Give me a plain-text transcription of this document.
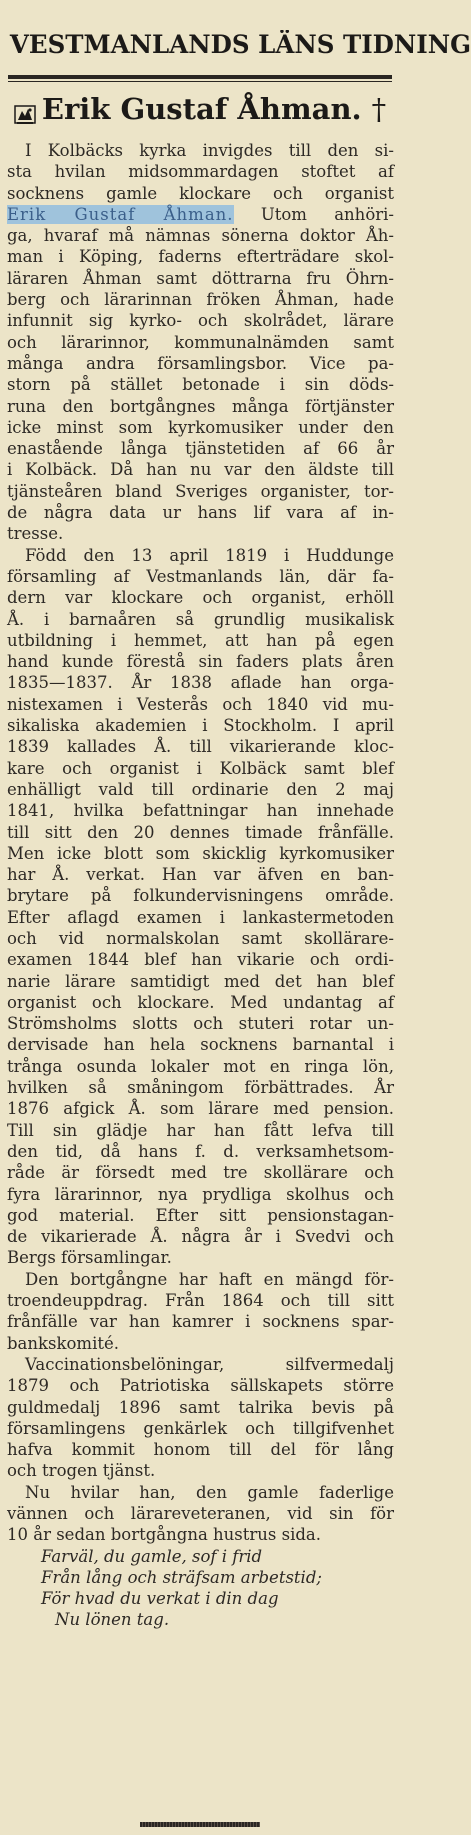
VESTMANLANDS LÄNS TIDNING
Erik Gustaf Åhman. †
I Kolbäcks kyrka invigdes till den si-
sta hvilan midsommardagen stoftet af
socknens gamle klockare och organist
Erik Gustaf Åhman. Utom anhöri-
ga, hvaraf må nämnas sönerna doktor Åh-
man i Köping, faderns efterträdare skol-
läraren Åhman samt döttrarna fru Öhrn-
berg och lärarinnan fröken Åhman, hade
infunnit sig kyrko- och skolrådet, lärare
och lärarinnor, kommunalnämden samt
många andra församlingsbor. Vice pa-
storn på stället betonade i sin döds-
runa den bortgångnes många förtjänster
icke minst som kyrkomusiker under den
enastående långa tjänstetiden af 66 år
i Kolbäck. Då han nu var den äldste till
tjänsteåren bland Sveriges organister, tor-
de några data ur hans lif vara af in-
tresse.
Född den 13 april 1819 i Huddunge
församling af Vestmanlands län, där fa-
dern var klockare och organist, erhöll
Å. i barnaåren så grundlig musikalisk
utbildning i hemmet, att han på egen
hand kunde förestå sin faders plats åren
1835—1837. År 1838 aflade han orga-
nistexamen i Vesterås och 1840 vid mu-
sikaliska akademien i Stockholm. I april
1839 kallades Å. till vikarierande kloc-
kare och organist i Kolbäck samt blef
enhälligt vald till ordinarie den 2 maj
1841, hvilka befattningar han innehade
till sitt den 20 dennes timade frånfälle.
Men icke blott som skicklig kyrkomusiker
har Å. verkat. Han var äfven en ban-
brytare på folkundervisningens område.
Efter aflagd examen i lankastermetoden
och vid normalskolan samt skollärare-
examen 1844 blef han vikarie och ordi-
narie lärare samtidigt med det han blef
organist och klockare. Med undantag af
Strömsholms slotts och stuteri rotar un-
dervisade han hela socknens barnantal i
trånga osunda lokaler mot en ringa lön,
hvilken så småningom förbättrades. År
1876 afgick Å. som lärare med pension.
Till sin glädje har han fått lefva till
den tid, då hans f. d. verksamhetsom-
råde är försedt med tre skollärare och
fyra lärarinnor, nya prydliga skolhus och
god material. Efter sitt pensionstagan-
de vikarierade Å. några år i Svedvi och
Bergs församlingar.
Den bortgångne har haft en mängd för-
troendeuppdrag. Från 1864 och till sitt
frånfälle var han kamrer i socknens spar-
bankskomité.
Vaccinationsbelöningar, silfvermedalj
1879 och Patriotiska sällskapets större
guldmedalj 1896 samt talrika bevis på
församlingens genkärlek och tillgifvenhet
hafva kommit honom till del för lång
och trogen tjänst.
Nu hvilar han, den gamle faderlige
vännen och lärareveteranen, vid sin för
10 år sedan bortgångna hustrus sida.
Farväl, du gamle, sof i frid
Från lång och sträfsam arbetstid;
För hvad du verkat i din dag
Nu lönen tag.
